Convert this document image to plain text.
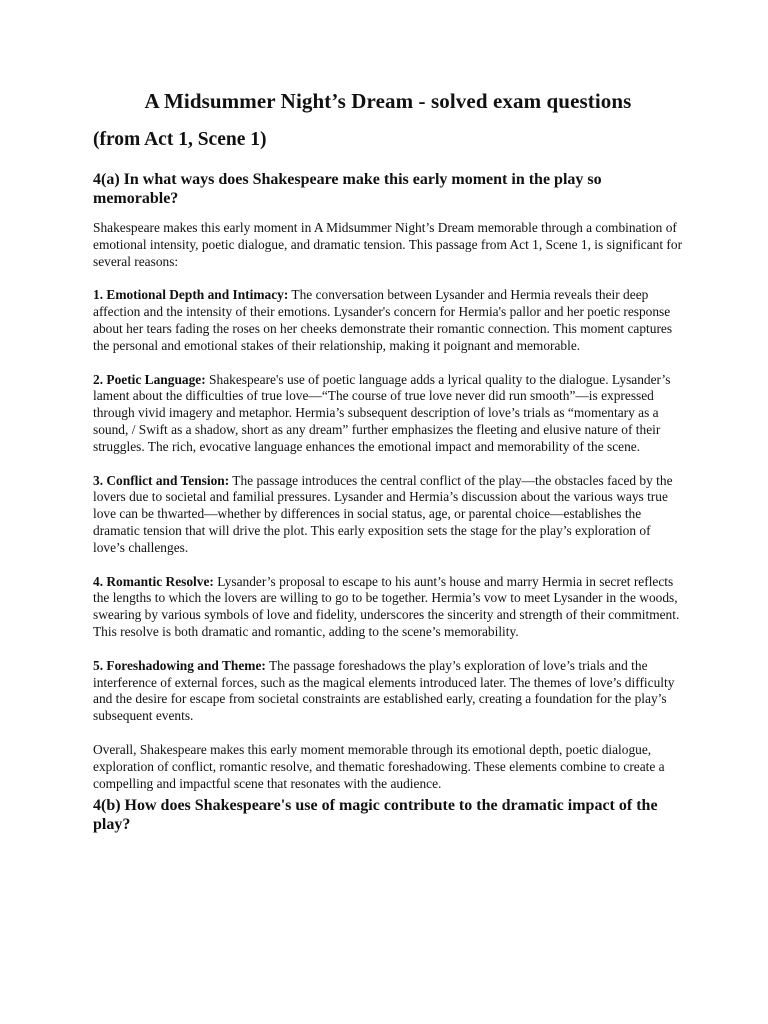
A Midsummer Night’s Dream - solved exam questions
(from Act 1, Scene 1)
4(a) In what ways does Shakespeare make this early moment in the play so memorable?

Shakespeare makes this early moment in A Midsummer Night’s Dream memorable through a combination of emotional intensity, poetic dialogue, and dramatic tension. This passage from Act 1, Scene 1, is significant for several reasons:

1. Emotional Depth and Intimacy: The conversation between Lysander and Hermia reveals their deep affection and the intensity of their emotions. Lysander's concern for Hermia's pallor and her poetic response about her tears fading the roses on her cheeks demonstrate their romantic connection. This moment captures the personal and emotional stakes of their relationship, making it poignant and memorable.

2. Poetic Language: Shakespeare's use of poetic language adds a lyrical quality to the dialogue. Lysander’s lament about the difficulties of true love—“The course of true love never did run smooth”—is expressed through vivid imagery and metaphor. Hermia’s subsequent description of love’s trials as “momentary as a sound, / Swift as a shadow, short as any dream” further emphasizes the fleeting and elusive nature of their struggles. The rich, evocative language enhances the emotional impact and memorability of the scene.

3. Conflict and Tension: The passage introduces the central conflict of the play—the obstacles faced by the lovers due to societal and familial pressures. Lysander and Hermia’s discussion about the various ways true love can be thwarted—whether by differences in social status, age, or parental choice—establishes the dramatic tension that will drive the plot. This early exposition sets the stage for the play’s exploration of love’s challenges.

4. Romantic Resolve: Lysander’s proposal to escape to his aunt’s house and marry Hermia in secret reflects the lengths to which the lovers are willing to go to be together. Hermia’s vow to meet Lysander in the woods, swearing by various symbols of love and fidelity, underscores the sincerity and strength of their commitment. This resolve is both dramatic and romantic, adding to the scene’s memorability.

5. Foreshadowing and Theme: The passage foreshadows the play’s exploration of love’s trials and the interference of external forces, such as the magical elements introduced later. The themes of love’s difficulty and the desire for escape from societal constraints are established early, creating a foundation for the play’s subsequent events.

Overall, Shakespeare makes this early moment memorable through its emotional depth, poetic dialogue, exploration of conflict, romantic resolve, and thematic foreshadowing. These elements combine to create a compelling and impactful scene that resonates with the audience.

4(b) How does Shakespeare's use of magic contribute to the dramatic impact of the play?
